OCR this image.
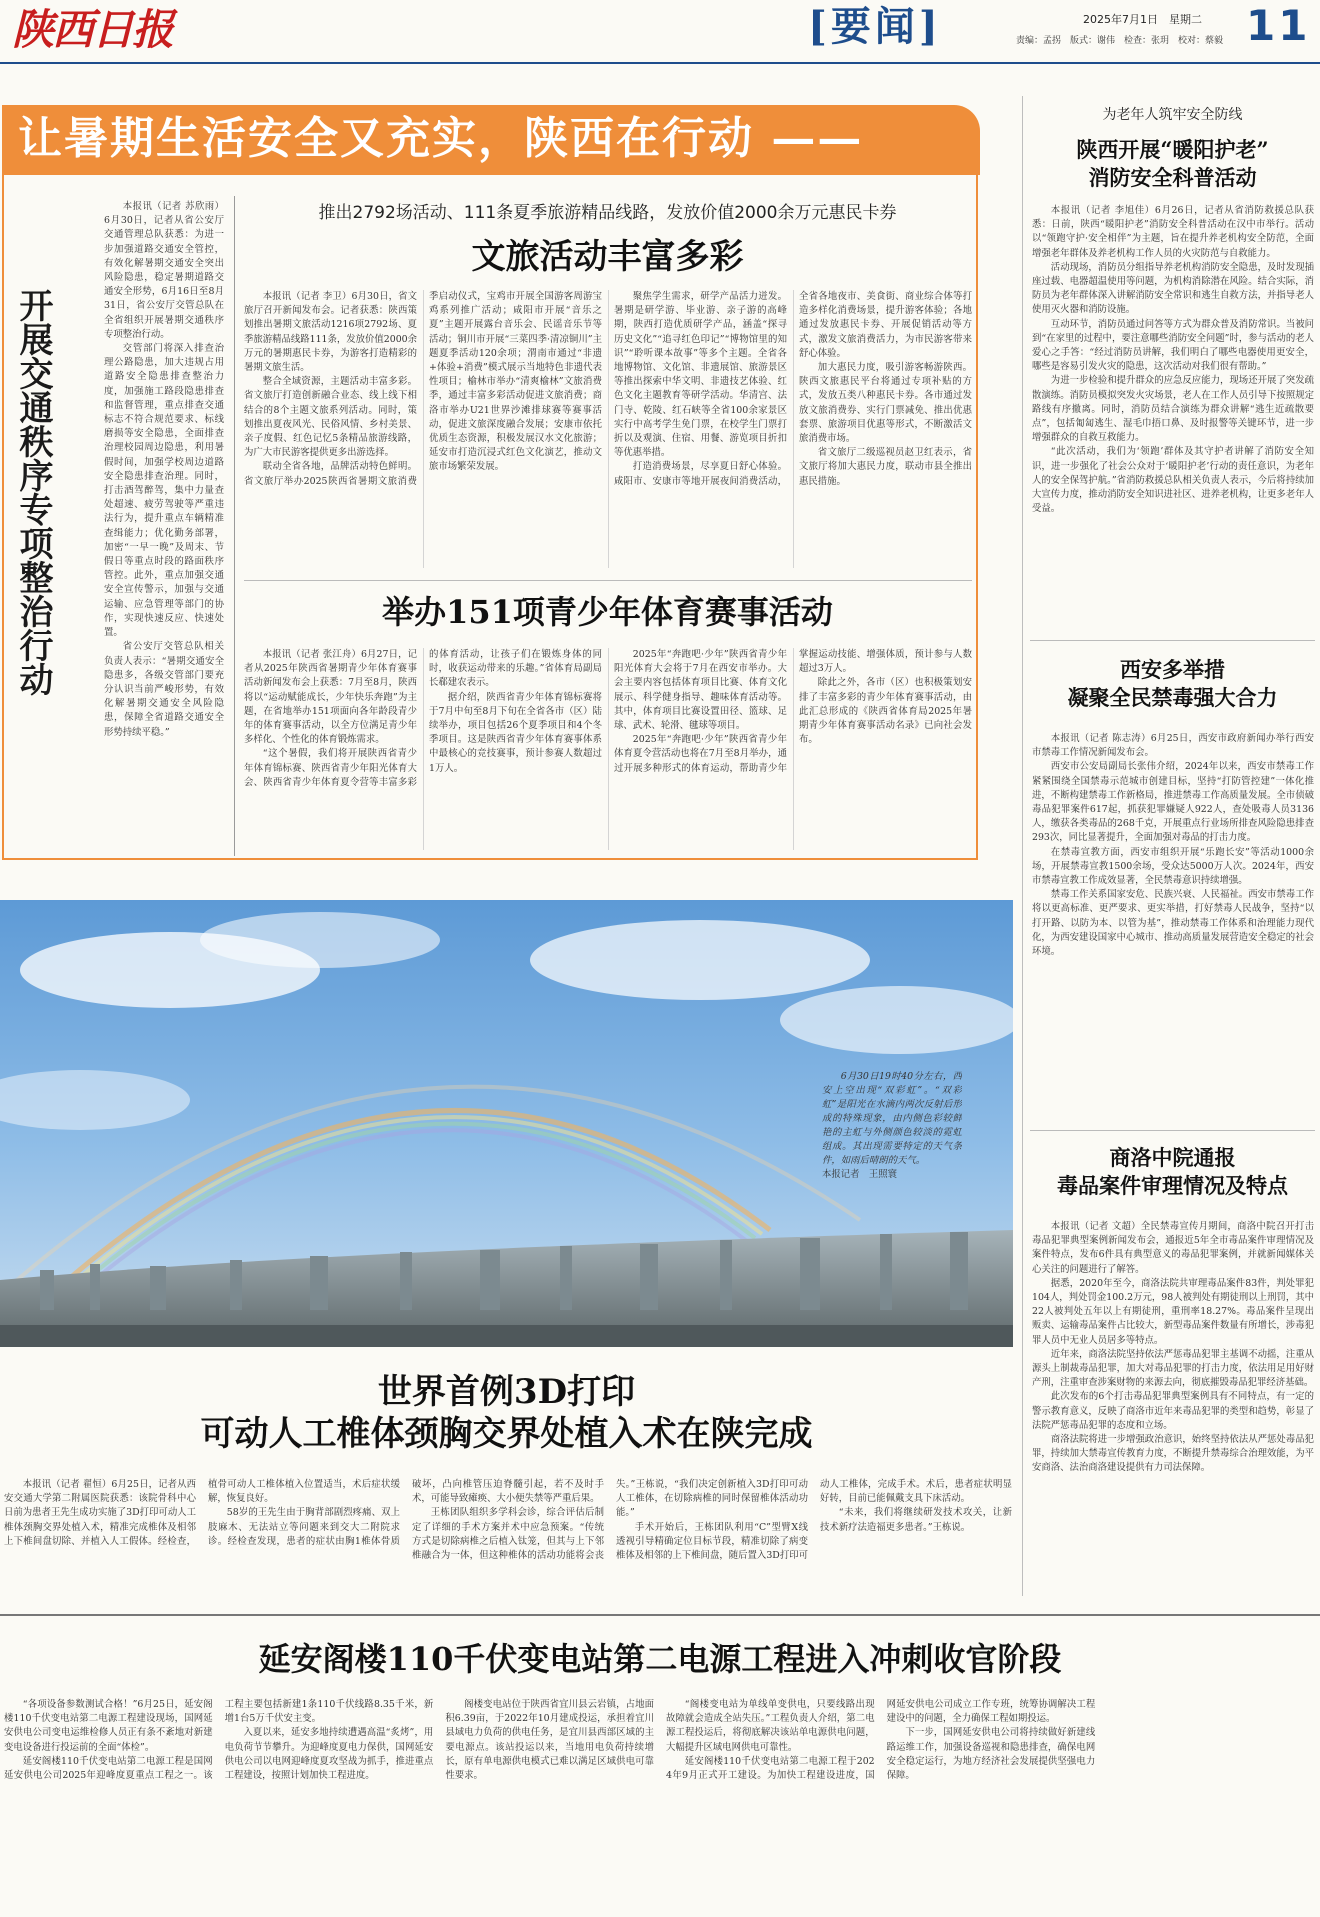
陕西日报	[要闻]	2025年7月1日　星期二
责编：孟拐　版式：谢伟　检查：张玥　校对：蔡毅 11
让暑期生活安全又充实，陕西在行动 ——
开展交通秩序专项整治行动

本报讯（记者 苏欣雨）6月30日，记者从省公安厅交通管理总队获悉：为进一步加强道路交通安全管控，有效化解暑期交通安全突出风险隐患，稳定暑期道路交通安全形势，6月16日至8月31日，省公安厅交管总队在全省组织开展暑期交通秩序专项整治行动。

交管部门将深入排查治理公路隐患，加大违规占用道路安全隐患排查整治力度，加强施工路段隐患排查和监督管理，重点排查交通标志不符合规范要求、标线磨损等安全隐患，全面排查治理校园周边隐患，利用暑假时间，加强学校周边道路安全隐患排查治理。同时，打击酒驾醉驾，集中力量查处超速、疲劳驾驶等严重违法行为，提升重点车辆精准查缉能力；优化勤务部署，加密“一早一晚”及周末、节假日等重点时段的路面秩序管控。此外，重点加强交通安全宣传警示，加强与交通运输、应急管理等部门的协作，实现快速反应、快速处置。

省公安厅交管总队相关负责人表示：“暑期交通安全隐患多，各级交管部门要充分认识当前严峻形势，有效化解暑期交通安全风险隐患，保障全省道路交通安全形势持续平稳。”

推出2792场活动、111条夏季旅游精品线路，发放价值2000余万元惠民卡券
文旅活动丰富多彩

本报讯（记者 李卫）6月30日，省文旅厅召开新闻发布会。记者获悉：陕西策划推出暑期文旅活动1216项2792场、夏季旅游精品线路111条，发放价值2000余万元的暑期惠民卡券，为游客打造精彩的暑期文旅生活。

整合全域资源，主题活动丰富多彩。省文旅厅打造创新融合业态、线上线下相结合的8个主题文旅系列活动。同时，策划推出夏夜风光、民俗风情、乡村美景、亲子度假、红色记忆5条精品旅游线路，为广大市民游客提供更多出游选择。

联动全省各地，品牌活动特色鲜明。省文旅厅举办2025陕西省暑期文旅消费季启动仪式，宝鸡市开展全国游客周游宝鸡系列推广活动；咸阳市开展“音乐之夏”主题开展露台音乐会、民谣音乐节等活动；铜川市开展“三菜四季·清凉铜川”主题夏季活动120余项；渭南市通过“非遗+体验+消费”模式展示当地特色非遗代表性项目；榆林市举办“清爽榆林”文旅消费季，通过丰富多彩活动促进文旅消费；商洛市举办U21世界沙滩排球赛等赛事活动，促进文旅深度融合发展；安康市依托优质生态资源，积极发展汉水文化旅游；延安市打造沉浸式红色文化演艺，推动文旅市场繁荣发展。

聚焦学生需求，研学产品活力迸发。暑期是研学游、毕业游、亲子游的高峰期，陕西打造优质研学产品，涵盖“探寻历史文化”“追寻红色印记”“博物馆里的知识”“聆听课本故事”等多个主题。全省各地博物馆、文化馆、非遗展馆、旅游景区等推出探索中华文明、非遗技艺体验、红色文化主题教育等研学活动。华清宫、法门寺、乾陵、红石峡等全省100余家景区实行中高考学生免门票，在校学生门票打折以及观演、住宿、用餐、游览项目折扣等优惠举措。

打造消费场景，尽享夏日舒心体验。咸阳市、安康市等地开展夜间消费活动，全省各地夜市、美食街、商业综合体等打造多样化消费场景，提升游客体验；各地通过发放惠民卡券、开展促销活动等方式，激发文旅消费活力，为市民游客带来舒心体验。

加大惠民力度，吸引游客畅游陕西。陕西文旅惠民平台将通过专项补贴的方式，发放五类八种惠民卡券。各市通过发放文旅消费券、实行门票减免、推出优惠套票、旅游项目优惠等形式，不断激活文旅消费市场。

省文旅厅二级巡视员赵卫红表示，省文旅厅将加大惠民力度，联动市县全推出惠民措施。

举办151项青少年体育赛事活动

本报讯（记者 张江舟）6月27日，记者从2025年陕西省暑期青少年体育赛事活动新闻发布会上获悉：7月至8月，陕西将以“运动赋能成长，少年快乐奔跑”为主题，在省地举办151项面向各年龄段青少年的体育赛事活动，以全方位满足青少年多样化、个性化的体育锻炼需求。

“这个暑假，我们将开展陕西省青少年体育锦标赛、陕西省青少年阳光体育大会、陕西省青少年体育夏令营等丰富多彩的体育活动，让孩子们在锻炼身体的同时，收获运动带来的乐趣。”省体育局副局长郗建农表示。

据介绍，陕西省青少年体育锦标赛将于7月中旬至8月下旬在全省各市（区）陆续举办，项目包括26个夏季项目和4个冬季项目。这是陕西省青少年体育赛事体系中最核心的竞技赛事，预计参赛人数超过1万人。

2025年“奔跑吧·少年”陕西省青少年阳光体育大会将于7月在西安市举办。大会主要内容包括体育项目比赛、体育文化展示、科学健身指导、趣味体育活动等。其中，体育项目比赛设置田径、篮球、足球、武术、轮滑、毽球等项目。

2025年“奔跑吧·少年”陕西省青少年体育夏令营活动也将在7月至8月举办，通过开展多种形式的体育运动，帮助青少年掌握运动技能、增强体质，预计参与人数超过3万人。

除此之外，各市（区）也积极策划安排了丰富多彩的青少年体育赛事活动，由此汇总形成的《陕西省体育局2025年暑期青少年体育赛事活动名录》已向社会发布。

为老年人筑牢安全防线
陕西开展“暖阳护老”
消防安全科普活动

本报讯（记者 李旭佳）6月26日，记者从省消防救援总队获悉：日前，陕西“暖阳护老”消防安全科普活动在汉中市举行。活动以“领跑守护·安全相伴”为主题，旨在提升养老机构安全防范，全面增强老年群体及养老机构工作人员的火灾防范与自救能力。

活动现场，消防员分组指导养老机构消防安全隐患，及时发现插座过载、电器超温使用等问题，为机构消除潜在风险。结合实际，消防员为老年群体深入讲解消防安全常识和逃生自救方法，并指导老人使用灭火器和消防设施。

互动环节，消防员通过问答等方式为群众普及消防常识。当被问到“在家里的过程中，要注意哪些消防安全问题”时，参与活动的老人爱心之手答：“经过消防员讲解，我们明白了哪些电器使用更安全，哪些是容易引发火灾的隐患，这次活动对我们很有帮助。”

为进一步检验和提升群众的应急反应能力，现场还开展了突发疏散演练。消防员模拟突发火灾场景，老人在工作人员引导下按照规定路线有序撤离。同时，消防员结合演练为群众讲解“逃生近疏散要点”，包括匍匐逃生、湿毛巾捂口鼻、及时报警等关键环节，进一步增强群众的自救互救能力。

“此次活动，我们为‘领跑’群体及其守护者讲解了消防安全知识，进一步强化了社会公众对于‘暖阳护老’行动的责任意识，为老年人的安全保驾护航。”省消防救援总队相关负责人表示，今后将持续加大宣传力度，推动消防安全知识进社区、进养老机构，让更多老年人受益。

西安多举措
凝聚全民禁毒强大合力

本报讯（记者 陈志涛）6月25日，西安市政府新闻办举行西安市禁毒工作情况新闻发布会。

西安市公安局副局长张伟介绍，2024年以来，西安市禁毒工作紧紧围绕全国禁毒示范城市创建目标，坚持“打防管控建”一体化推进，不断构建禁毒工作新格局，推进禁毒工作高质量发展。全市侦破毒品犯罪案件617起，抓获犯罪嫌疑人922人，查处吸毒人员3136人，缴获各类毒品的268千克，开展重点行业场所排查风险隐患排查293次，同比显著提升，全面加强对毒品的打击力度。

在禁毒宣教方面，西安市组织开展“乐跑长安”等活动1000余场，开展禁毒宣教1500余场，受众达5000万人次。2024年，西安市禁毒宣教工作成效显著，全民禁毒意识持续增强。

禁毒工作关系国家安危、民族兴衰、人民福祉。西安市禁毒工作将以更高标准、更严要求、更实举措，打好禁毒人民战争，坚持“以打开路、以防为本、以管为基”，推动禁毒工作体系和治理能力现代化，为西安建设国家中心城市、推动高质量发展营造安全稳定的社会环境。

商洛中院通报
毒品案件审理情况及特点

本报讯（记者 文超）全民禁毒宣传月期间，商洛中院召开打击毒品犯罪典型案例新闻发布会，通报近5年全市毒品案件审理情况及案件特点，发布6件具有典型意义的毒品犯罪案例，并就新闻媒体关心关注的问题进行了解答。

据悉，2020年至今，商洛法院共审理毒品案件83件，判处罪犯104人，判处罚金100.2万元，98人被判处有期徒刑以上刑罚，其中22人被判处五年以上有期徒刑，重刑率18.27%。毒品案件呈现出贩卖、运输毒品案件占比较大，新型毒品案件数量有所增长，涉毒犯罪人员中无业人员居多等特点。

近年来，商洛法院坚持依法严惩毒品犯罪主基调不动摇，注重从源头上制裁毒品犯罪，加大对毒品犯罪的打击力度，依法用足用好财产刑，注重审查涉案财物的来源去向，彻底摧毁毒品犯罪经济基础。

此次发布的6个打击毒品犯罪典型案例具有不同特点，有一定的警示教育意义，反映了商洛市近年来毒品犯罪的类型和趋势，彰显了法院严惩毒品犯罪的态度和立场。

商洛法院将进一步增强政治意识，始终坚持依法从严惩处毒品犯罪，持续加大禁毒宣传教育力度，不断提升禁毒综合治理效能，为平安商洛、法治商洛建设提供有力司法保障。

6月30日19时40分左右，西安上空出现“双彩虹”。“双彩虹”是阳光在水滴内两次反射后形成的特殊现象，由内侧色彩较鲜艳的主虹与外侧颜色较淡的霓虹组成。其出现需要特定的天气条件，如雨后晴朗的天气。

本报记者　王照寰

世界首例3D打印
可动人工椎体颈胸交界处植入术在陕完成

本报讯（记者 翟恒）6月25日，记者从西安交通大学第二附属医院获悉：该院骨科中心日前为患者王先生成功实施了3D打印可动人工椎体颈胸交界处植入术，精准完成椎体及相邻上下椎间盘切除、并植入人工假体。经检查，植骨可动人工椎体植入位置适当，术后症状缓解，恢复良好。

58岁的王先生由于胸背部剧烈疼痛、双上肢麻木、无法站立等问题来到交大二附院求诊。经检查发现，患者的症状由胸1椎体骨质破坏，凸向椎管压迫脊髓引起，若不及时手术，可能导致瘫痪、大小便失禁等严重后果。

王栋团队组织多学科会诊，综合评估后制定了详细的手术方案并术中应急预案。“传统方式是切除病椎之后植入钛笼，但其与上下邻椎融合为一体，但这种椎体的活动功能将会丧失。”王栋说，“我们决定创新植入3D打印可动人工椎体，在切除病椎的同时保留椎体活动功能。”

手术开始后，王栋团队利用“C”型臂X线透视引导精确定位目标节段，精准切除了病变椎体及相邻的上下椎间盘，随后置入3D打印可动人工椎体，完成手术。术后，患者症状明显好转，目前已能佩戴支具下床活动。

“未来，我们将继续研发技术攻关，让新技术新疗法造福更多患者。”王栋说。

延安阁楼110千伏变电站第二电源工程进入冲刺收官阶段

“各项设备参数测试合格！”6月25日，延安阁楼110千伏变电站第二电源工程建设现场，国网延安供电公司变电运维检修人员正有条不紊地对新建变电设备进行投运前的全面“体检”。

延安阁楼110千伏变电站第二电源工程是国网延安供电公司2025年迎峰度夏重点工程之一。该工程主要包括新建1条110千伏线路8.35千米，新增1台5万千伏安主变。

入夏以来，延安多地持续遭遇高温“炙烤”，用电负荷节节攀升。为迎峰度夏电力保供，国网延安供电公司以电网迎峰度夏攻坚战为抓手，推进重点工程建设，按照计划加快工程进度。

阁楼变电站位于陕西省宜川县云岩镇，占地面积6.39亩，于2022年10月建成投运，承担着宜川县域电力负荷的供电任务，是宜川县西部区域的主要电源点。该站投运以来，当地用电负荷持续增长，原有单电源供电模式已难以满足区域供电可靠性要求。

“阁楼变电站为单线单变供电，只要线路出现故障就会造成全站失压。”工程负责人介绍，第二电源工程投运后，将彻底解决该站单电源供电问题，大幅提升区域电网供电可靠性。

延安阁楼110千伏变电站第二电源工程于2024年9月正式开工建设。为加快工程建设进度，国网延安供电公司成立工作专班，统筹协调解决工程建设中的问题，全力确保工程如期投运。

下一步，国网延安供电公司将持续做好新建线路运维工作，加强设备巡视和隐患排查，确保电网安全稳定运行，为地方经济社会发展提供坚强电力保障。
